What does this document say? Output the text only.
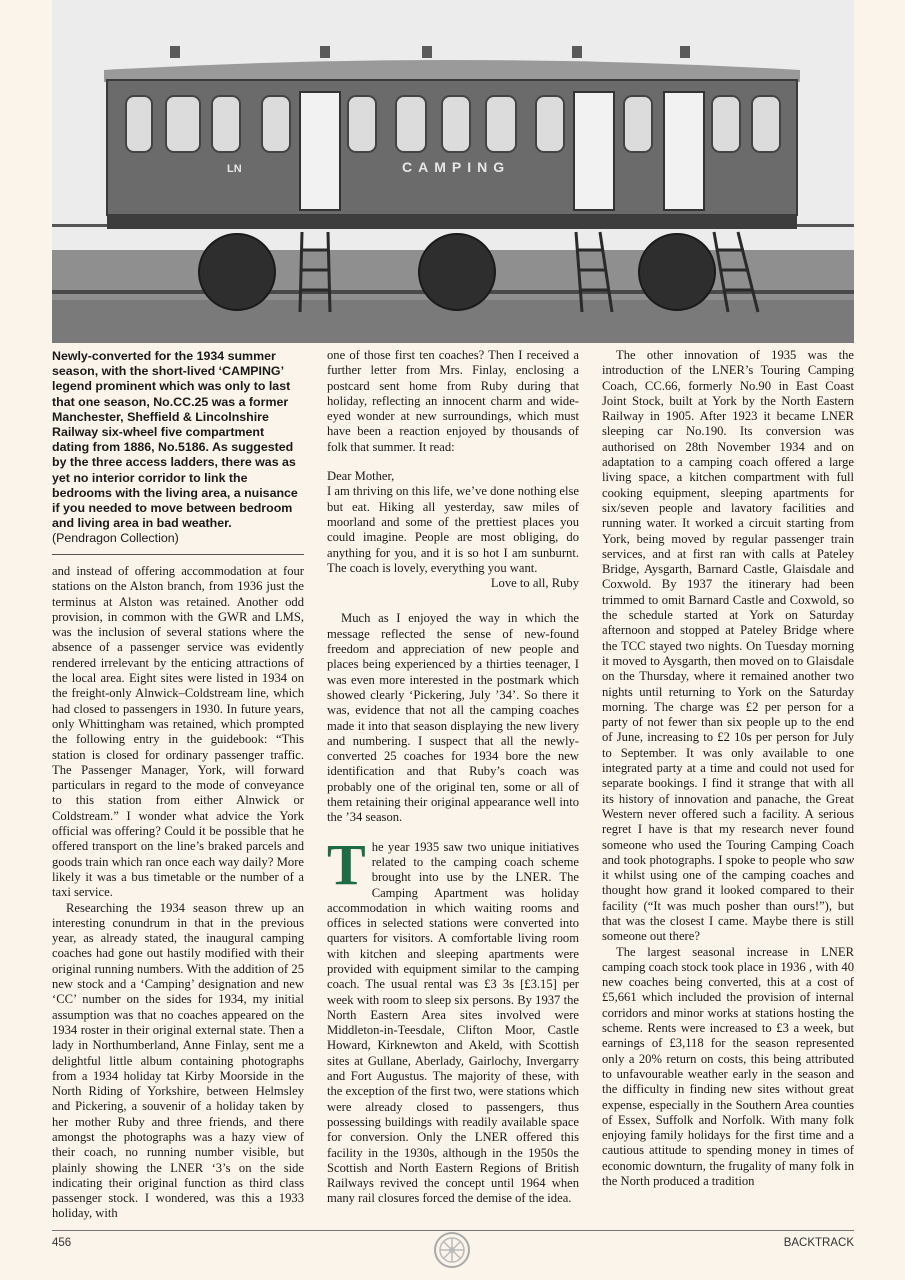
LN	CAMPING
Newly-converted for the 1934 summer season, with the short-lived ‘CAMPING’ legend prominent which was only to last that one season, No.CC.25 was a former Manchester, Sheffield & Lincolnshire Railway six-wheel five compartment dating from 1886, No.5186. As suggested by the three access ladders, there was as yet no interior corridor to link the bedrooms with the living area, a nuisance if you needed to move between bedroom and living area in bad weather.
(Pendragon Collection)

and instead of offering accommodation at four stations on the Alston branch, from 1936 just the terminus at Alston was retained. Another odd provision, in common with the GWR and LMS, was the inclusion of several stations where the absence of a passenger service was evidently rendered irrelevant by the enticing attractions of the local area. Eight sites were listed in 1934 on the freight-only Alnwick–Coldstream line, which had closed to passengers in 1930. In future years, only Whittingham was retained, which prompted the following entry in the guidebook: “This station is closed for ordinary passenger traffic. The Passenger Manager, York, will forward particulars in regard to the mode of conveyance to this station from either Alnwick or Coldstream.” I wonder what advice the York official was offering? Could it be possible that he offered transport on the line’s braked parcels and goods train which ran once each way daily? More likely it was a bus timetable or the number of a taxi service.

Researching the 1934 season threw up an interesting conundrum in that in the previous year, as already stated, the inaugural camping coaches had gone out hastily modified with their original running numbers. With the addition of 25 new stock and a ‘Camping’ designation and new ‘CC’ number on the sides for 1934, my initial assumption was that no coaches appeared on the 1934 roster in their original external state. Then a lady in Northumberland, Anne Finlay, sent me a delightful little album containing photographs from a 1934 holiday tat Kirby Moorside in the North Riding of Yorkshire, between Helmsley and Pickering, a souvenir of a holiday taken by her mother Ruby and three friends, and there amongst the photographs was a hazy view of their coach, no running number visible, but plainly showing the LNER ‘3’s on the side indicating their original function as third class passenger stock. I wondered, was this a 1933 holiday, with

one of those first ten coaches? Then I received a further letter from Mrs. Finlay, enclosing a postcard sent home from Ruby during that holiday, reflecting an innocent charm and wide-eyed wonder at new surroundings, which must have been a reaction enjoyed by thousands of folk that summer. It read:

Dear Mother,

I am thriving on this life, we’ve done nothing else but eat. Hiking all yesterday, saw miles of moorland and some of the prettiest places you could imagine. People are most obliging, do anything for you, and it is so hot I am sunburnt. The coach is lovely, everything you want.

Love to all, Ruby

Much as I enjoyed the way in which the message reflected the sense of new-found freedom and appreciation of new people and places being experienced by a thirties teenager, I was even more interested in the postmark which showed clearly ‘Pickering, July ’34’. So there it was, evidence that not all the camping coaches made it into that season displaying the new livery and numbering. I suspect that all the newly-converted 25 coaches for 1934 bore the new identification and that Ruby’s coach was probably one of the original ten, some or all of them retaining their original appearance well into the ’34 season.

The year 1935 saw two unique initiatives related to the camping coach scheme brought into use by the LNER. The Camping Apartment was holiday accommodation in which waiting rooms and offices in selected stations were converted into quarters for visitors. A comfortable living room with kitchen and sleeping apartments were provided with equipment similar to the camping coach. The usual rental was £3 3s [£3.15] per week with room to sleep six persons. By 1937 the North Eastern Area sites involved were Middleton-in-Teesdale, Clifton Moor, Castle Howard, Kirknewton and Akeld, with Scottish sites at Gullane, Aberlady, Gairlochy, Invergarry and Fort Augustus. The majority of these, with the exception of the first two, were stations which were already closed to passengers, thus possessing buildings with readily available space for conversion. Only the LNER offered this facility in the 1930s, although in the 1950s the Scottish and North Eastern Regions of British Railways revived the concept until 1964 when many rail closures forced the demise of the idea.

The other innovation of 1935 was the introduction of the LNER’s Touring Camping Coach, CC.66, formerly No.90 in East Coast Joint Stock, built at York by the North Eastern Railway in 1905. After 1923 it became LNER sleeping car No.190. Its conversion was authorised on 28th November 1934 and on adaptation to a camping coach offered a large living space, a kitchen compartment with full cooking equipment, sleeping apartments for six/seven people and lavatory facilities and running water. It worked a circuit starting from York, being moved by regular passenger train services, and at first ran with calls at Pateley Bridge, Aysgarth, Barnard Castle, Glaisdale and Coxwold. By 1937 the itinerary had been trimmed to omit Barnard Castle and Coxwold, so the schedule started at York on Saturday afternoon and stopped at Pateley Bridge where the TCC stayed two nights. On Tuesday morning it moved to Aysgarth, then moved on to Glaisdale on the Thursday, where it remained another two nights until returning to York on the Saturday morning. The charge was £2 per person for a party of not fewer than six people up to the end of June, increasing to £2 10s per person for July to September. It was only available to one integrated party at a time and could not used for separate bookings. I find it strange that with all its history of innovation and panache, the Great Western never offered such a facility. A serious regret I have is that my research never found someone who used the Touring Camping Coach and took photographs. I spoke to people who saw it whilst using one of the camping coaches and thought how grand it looked compared to their facility (“It was much posher than ours!”), but that was the closest I came. Maybe there is still someone out there?

The largest seasonal increase in LNER camping coach stock took place in 1936 , with 40 new coaches being converted, this at a cost of £5,661 which included the provision of internal corridors and minor works at stations hosting the scheme. Rents were increased to £3 a week, but earnings of £3,118 for the season represented only a 20% return on costs, this being attributed to unfavourable weather early in the season and the difficulty in finding new sites without great expense, especially in the Southern Area counties of Essex, Suffolk and Norfolk. With many folk enjoying family holidays for the first time and a cautious attitude to spending money in times of economic downturn, the frugality of many folk in the North produced a tradition

456	BACKTRACK
